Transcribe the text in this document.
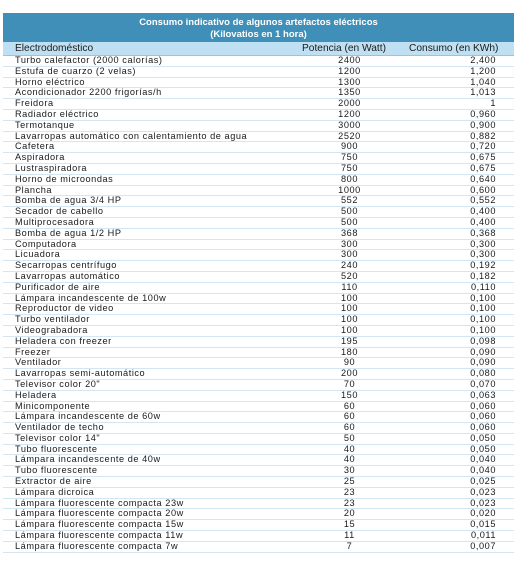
Consumo indicativo de algunos artefactos eléctricos
(Kilovatios en 1 hora)
Electrodoméstico	Potencia (en Watt)	Consumo (en KWh)
Turbo calefactor (2000 calorías)	2400	2,400
Estufa de cuarzo (2 velas)	1200	1,200
Horno eléctrico	1300	1,040
Acondicionador 2200 frigorías/h	1350	1,013
Freidora	2000	1
Radiador eléctrico	1200	0,960
Termotanque	3000	0,900
Lavarropas automático con calentamiento de agua	2520	0,882
Cafetera	900	0,720
Aspiradora	750	0,675
Lustraspiradora	750	0,675
Horno de microondas	800	0,640
Plancha	1000	0,600
Bomba de agua 3/4 HP	552	0,552
Secador de cabello	500	0,400
Multiprocesadora	500	0,400
Bomba de agua 1/2 HP	368	0,368
Computadora	300	0,300
Licuadora	300	0,300
Secarropas centrífugo	240	0,192
Lavarropas automático	520	0,182
Purificador de aire	110	0,110
Lámpara incandescente de 100w	100	0,100
Reproductor de video	100	0,100
Turbo ventilador	100	0,100
Videograbadora	100	0,100
Heladera con freezer	195	0,098
Freezer	180	0,090
Ventilador	90	0,090
Lavarropas semi-automático	200	0,080
Televisor color 20"	70	0,070
Heladera	150	0,063
Minicomponente	60	0,060
Lámpara incandescente de 60w	60	0,060
Ventilador de techo	60	0,060
Televisor color 14"	50	0,050
Tubo fluorescente	40	0,050
Lámpara incandescente de 40w	40	0,040
Tubo fluorescente	30	0,040
Extractor de aire	25	0,025
Lámpara dicroica	23	0,023
Lámpara fluorescente compacta 23w	23	0,023
Lámpara fluorescente compacta 20w	20	0,020
Lámpara fluorescente compacta 15w	15	0,015
Lámpara fluorescente compacta 11w	11	0,011
Lámpara fluorescente compacta 7w	7	0,007
